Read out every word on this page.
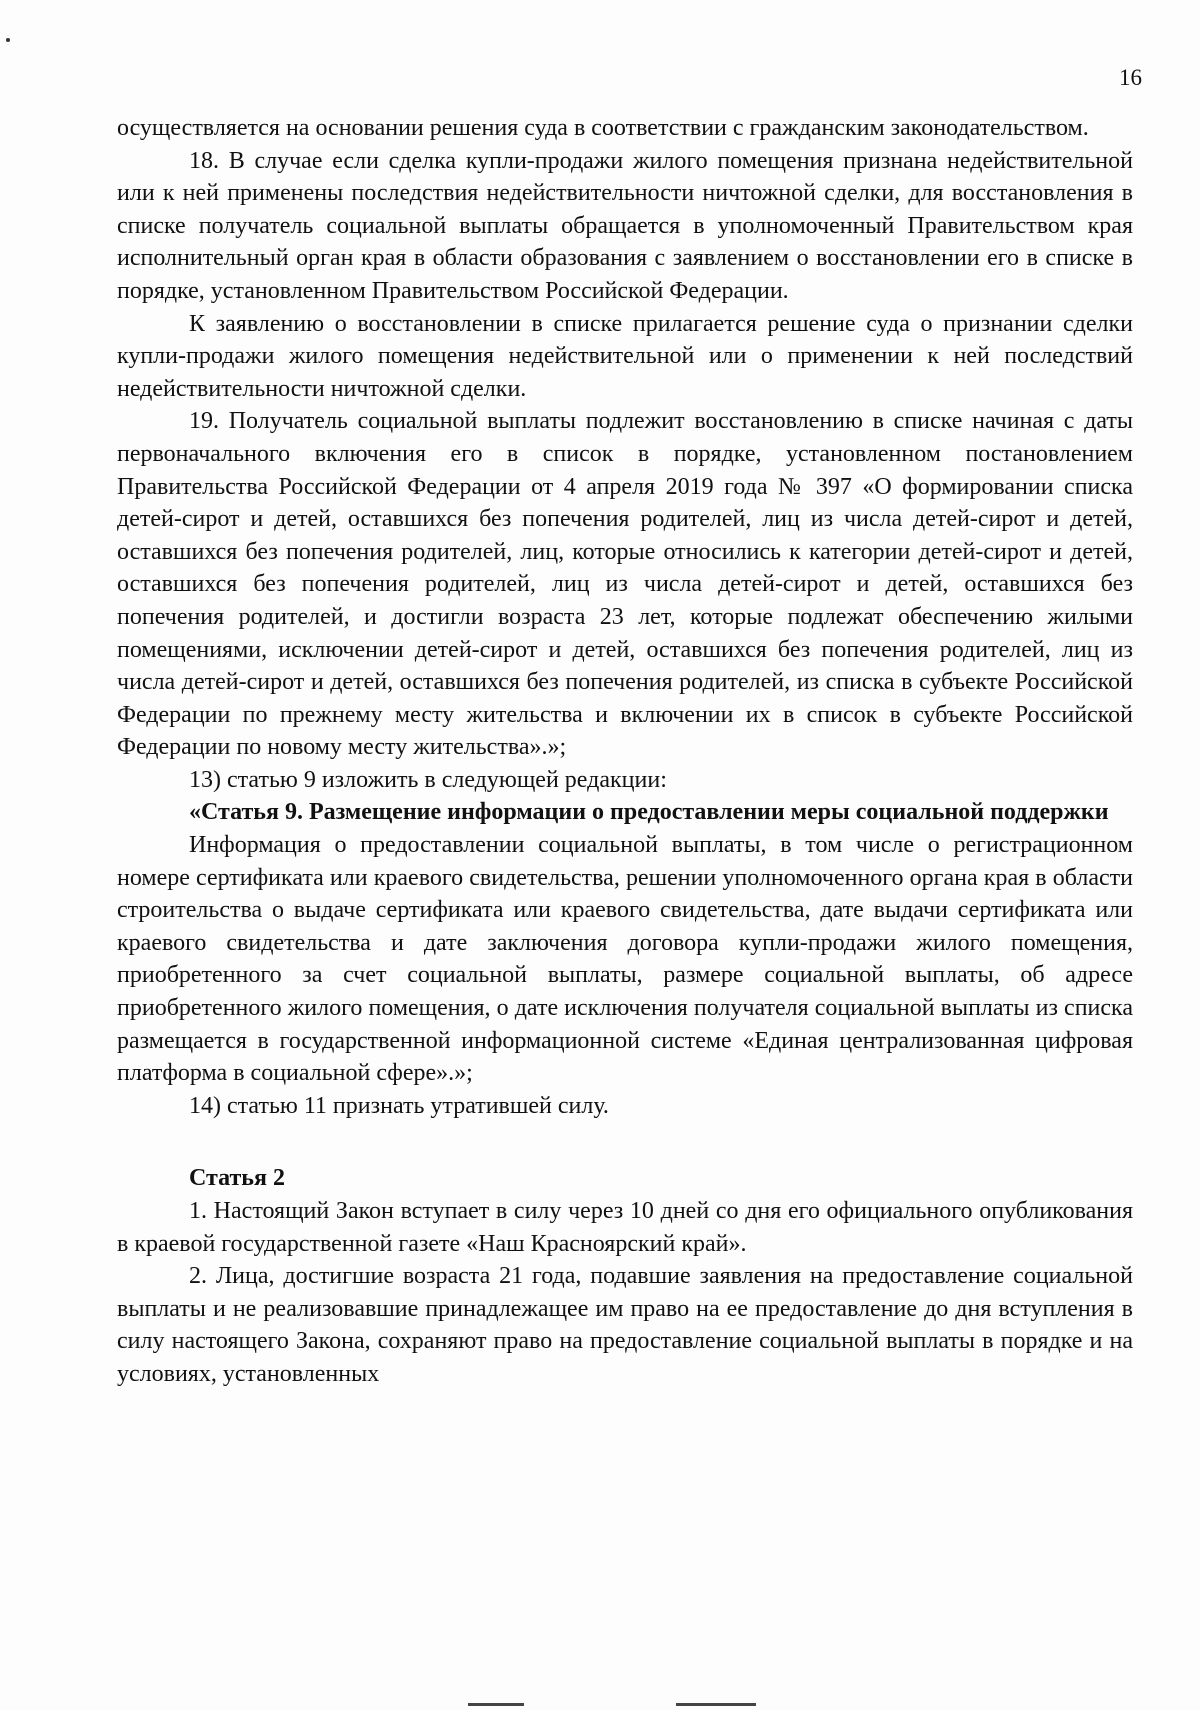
16

осуществляется на основании решения суда в соответствии с гражданским законодательством.

18. В случае если сделка купли-продажи жилого помещения признана недействительной или к ней применены последствия недействительности ничтожной сделки, для восстановления в списке получатель социальной выплаты обращается в уполномоченный Правительством края исполнительный орган края в области образования с заявлением о восстановлении его в списке в порядке, установленном Правительством Российской Федерации.

К заявлению о восстановлении в списке прилагается решение суда о признании сделки купли-продажи жилого помещения недействительной или о применении к ней последствий недействительности ничтожной сделки.

19. Получатель социальной выплаты подлежит восстановлению в списке начиная с даты первоначального включения его в список в порядке, установленном постановлением Правительства Российской Федерации от 4 апреля 2019 года № 397 «О формировании списка детей-сирот и детей, оставшихся без попечения родителей, лиц из числа детей-сирот и детей, оставшихся без попечения родителей, лиц, которые относились к категории детей-сирот и детей, оставшихся без попечения родителей, лиц из числа детей-сирот и детей, оставшихся без попечения родителей, и достигли возраста 23 лет, которые подлежат обеспечению жилыми помещениями, исключении детей-сирот и детей, оставшихся без попечения родителей, лиц из числа детей-сирот и детей, оставшихся без попечения родителей, из списка в субъекте Российской Федерации по прежнему месту жительства и включении их в список в субъекте Российской Федерации по новому месту жительства».»;

13) статью 9 изложить в следующей редакции:

«Статья 9. Размещение информации о предоставлении меры социальной поддержки

Информация о предоставлении социальной выплаты, в том числе о регистрационном номере сертификата или краевого свидетельства, решении уполномоченного органа края в области строительства о выдаче сертификата или краевого свидетельства, дате выдачи сертификата или краевого свидетельства и дате заключения договора купли-продажи жилого помещения, приобретенного за счет социальной выплаты, размере социальной выплаты, об адресе приобретенного жилого помещения, о дате исключения получателя социальной выплаты из списка размещается в государственной информационной системе «Единая централизованная цифровая платформа в социальной сфере».»;

14) статью 11 признать утратившей силу.

Статья 2

1. Настоящий Закон вступает в силу через 10 дней со дня его официального опубликования в краевой государственной газете «Наш Красноярский край».

2. Лица, достигшие возраста 21 года, подавшие заявления на предоставление социальной выплаты и не реализовавшие принадлежащее им право на ее предоставление до дня вступления в силу настоящего Закона, сохраняют право на предоставление социальной выплаты в порядке и на условиях, установленных
